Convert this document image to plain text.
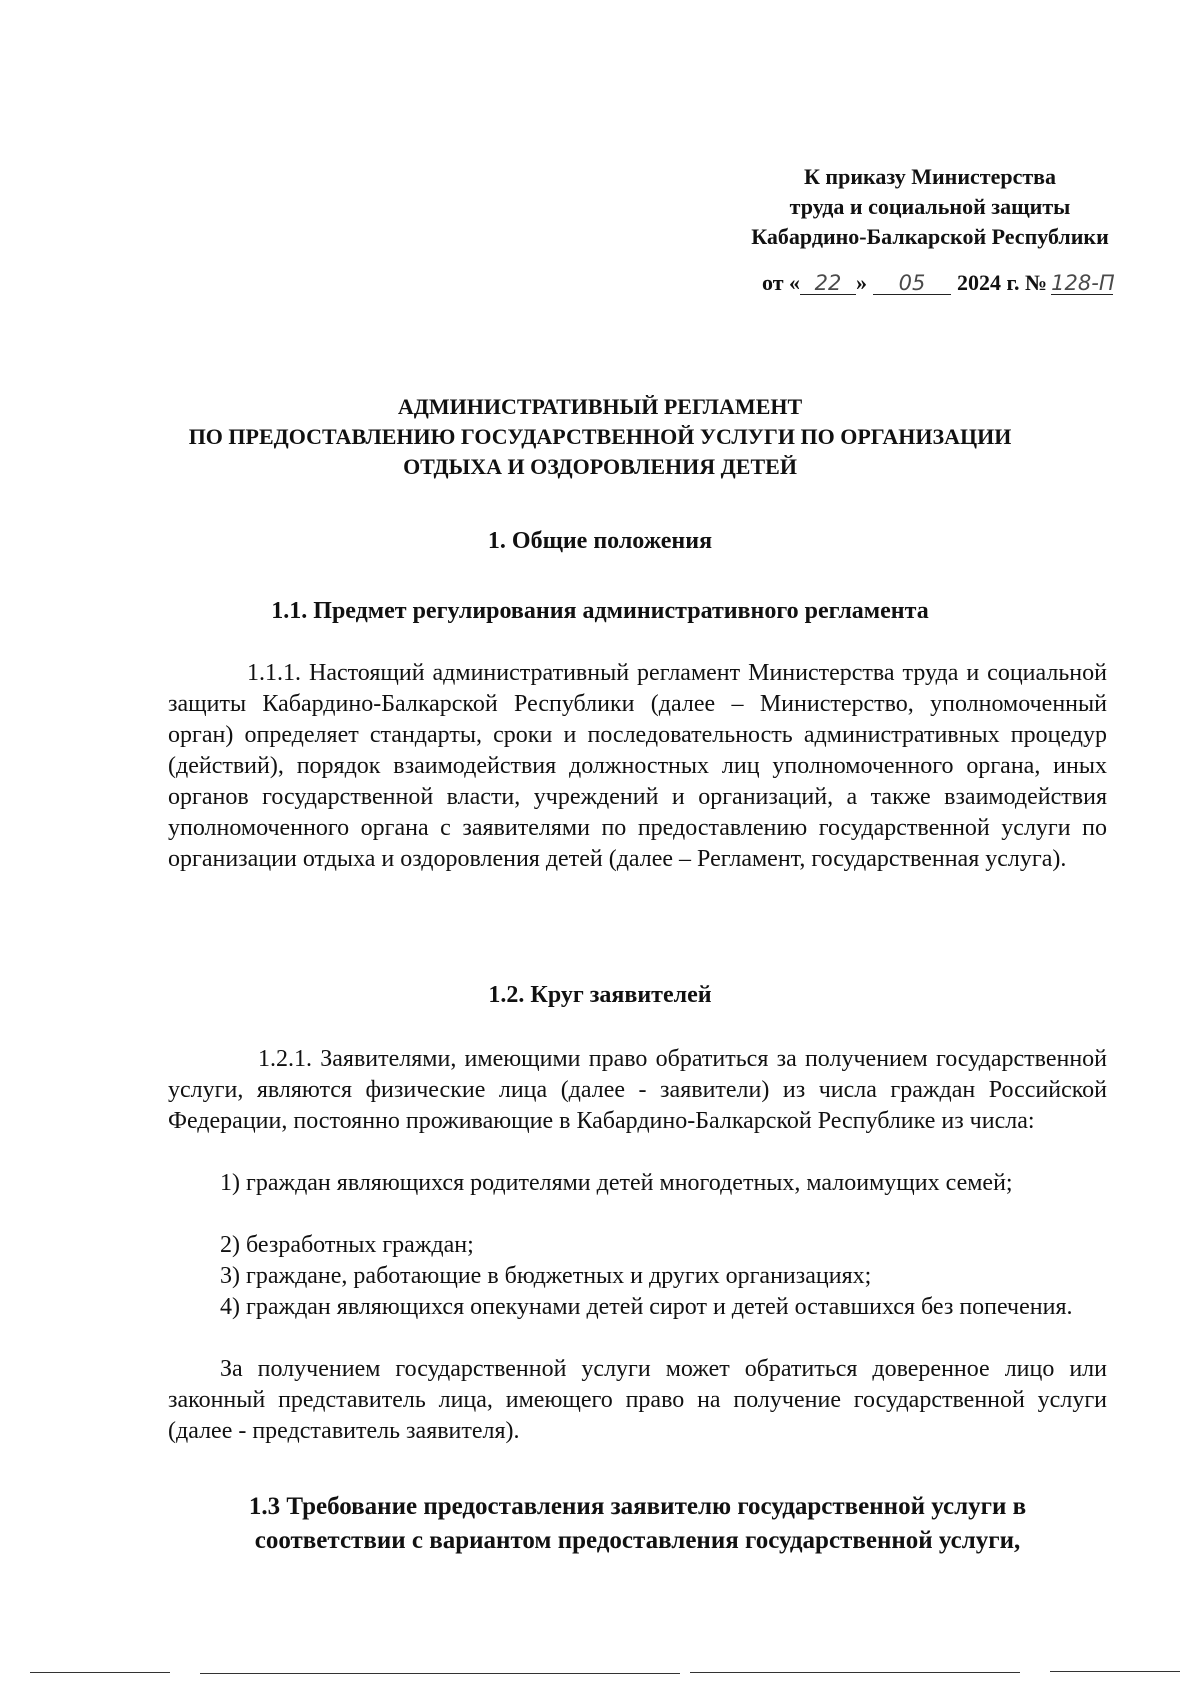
К приказу Министерства
труда и социальной защиты
Кабардино-Балкарской Республики
от « 22 » 05 2024 г. № 128-П
АДМИНИСТРАТИВНЫЙ РЕГЛАМЕНТ
ПО ПРЕДОСТАВЛЕНИЮ ГОСУДАРСТВЕННОЙ УСЛУГИ ПО ОРГАНИЗАЦИИ
ОТДЫХА И ОЗДОРОВЛЕНИЯ ДЕТЕЙ
1. Общие положения
1.1. Предмет регулирования административного регламента
1.1.1. Настоящий административный регламент Министерства труда и социальной защиты Кабардино-Балкарской Республики (далее – Министерство, уполномоченный орган) определяет стандарты, сроки и последовательность административных процедур (действий), порядок взаимодействия должностных лиц уполномоченного органа, иных органов государственной власти, учреждений и организаций, а также взаимодействия уполномоченного органа с заявителями по предоставлению государственной услуги по организации отдыха и оздоровления детей (далее – Регламент, государственная услуга).
1.2. Круг заявителей
1.2.1. Заявителями, имеющими право обратиться за получением государственной услуги, являются физические лица (далее - заявители) из числа граждан Российской Федерации, постоянно проживающие в Кабардино-Балкарской Республике из числа:
1) граждан являющихся родителями детей многодетных, малоимущих семей;
2) безработных граждан;
3) граждане, работающие в бюджетных и других организациях;
4) граждан являющихся опекунами детей сирот и детей оставшихся без попечения.
За получением государственной услуги может обратиться доверенное лицо или законный представитель лица, имеющего право на получение государственной услуги (далее - представитель заявителя).
1.3 Требование предоставления заявителю государственной услуги в
соответствии с вариантом предоставления государственной услуги,
